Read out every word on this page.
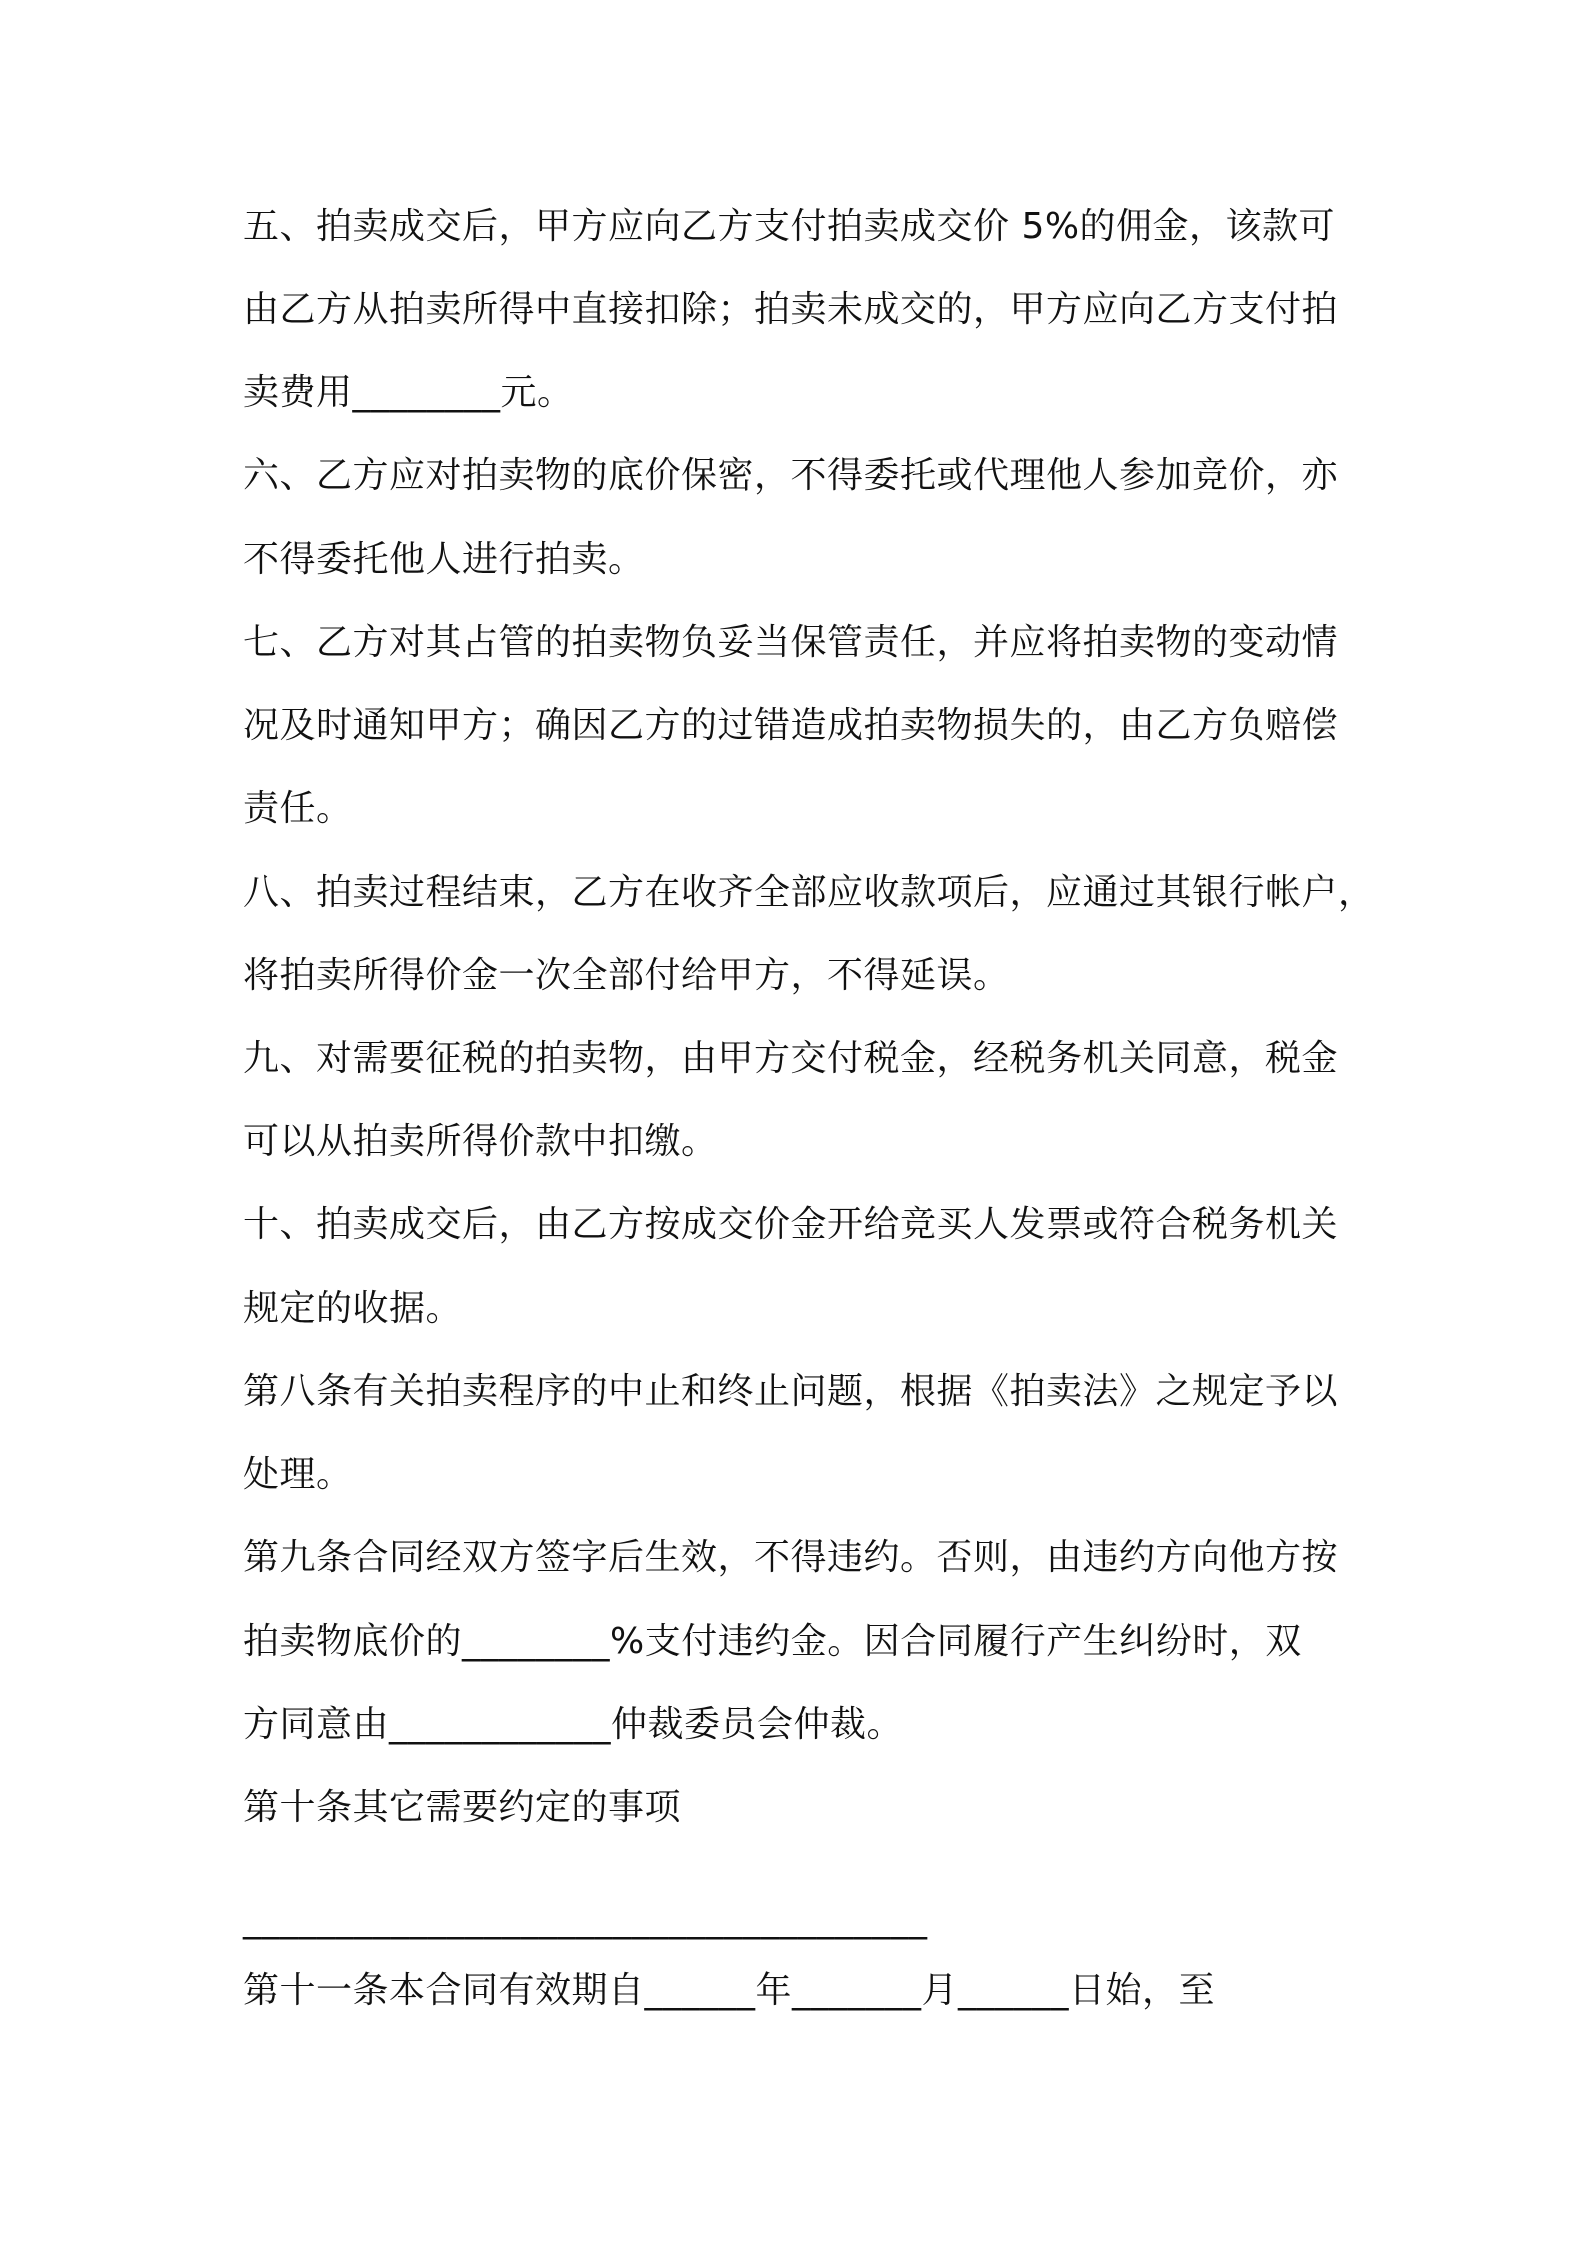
五、拍卖成交后，甲方应向乙方支付拍卖成交价 5%的佣金，该款可
由乙方从拍卖所得中直接扣除；拍卖未成交的，甲方应向乙方支付拍
卖费用________元。
六、乙方应对拍卖物的底价保密，不得委托或代理他人参加竞价，亦
不得委托他人进行拍卖。
七、乙方对其占管的拍卖物负妥当保管责任，并应将拍卖物的变动情
况及时通知甲方；确因乙方的过错造成拍卖物损失的，由乙方负赔偿
责任。
八、拍卖过程结束，乙方在收齐全部应收款项后，应通过其银行帐户，
将拍卖所得价金一次全部付给甲方，不得延误。
九、对需要征税的拍卖物，由甲方交付税金，经税务机关同意，税金
可以从拍卖所得价款中扣缴。
十、拍卖成交后，由乙方按成交价金开给竞买人发票或符合税务机关
规定的收据。
第八条有关拍卖程序的中止和终止问题，根据《拍卖法》之规定予以
处理。
第九条合同经双方签字后生效，不得违约。否则，由违约方向他方按
拍卖物底价的________%支付违约金。因合同履行产生纠纷时，双
方同意由____________仲裁委员会仲裁。
第十条其它需要约定的事项
_____________________________________
第十一条本合同有效期自______年_______月______日始，至
